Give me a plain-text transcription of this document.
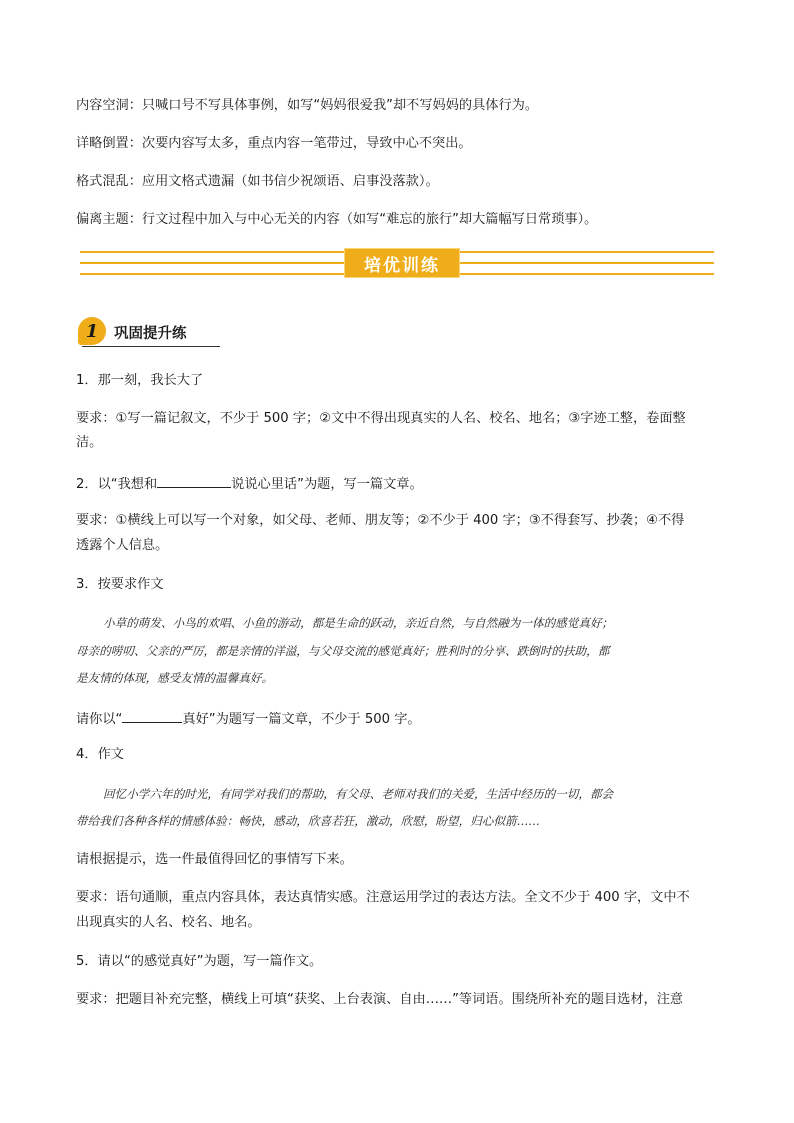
内容空洞：只喊口号不写具体事例，如写“妈妈很爱我”却不写妈妈的具体行为。
详略倒置：次要内容写太多，重点内容一笔带过，导致中心不突出。
格式混乱：应用文格式遗漏（如书信少祝颂语、启事没落款）。
偏离主题：行文过程中加入与中心无关的内容（如写“难忘的旅行”却大篇幅写日常琐事）。
培优训练
1	巩固提升练
1．那一刻，我长大了
要求：①写一篇记叙文，不少于 500 字；②文中不得出现真实的人名、校名、地名；③字迹工整，卷面整
洁。
2．以“我想和	说说心里话”为题，写一篇文章。
要求：①横线上可以写一个对象，如父母、老师、朋友等；②不少于 400 字；③不得套写、抄袭；④不得
透露个人信息。
3．按要求作文
小草的萌发、小鸟的欢唱、小鱼的游动，都是生命的跃动，亲近自然，与自然融为一体的感觉真好；
母亲的唠叨、父亲的严厉，都是亲情的洋溢，与父母交流的感觉真好；胜利时的分享、跌倒时的扶助，都
是友情的体现，感受友情的温馨真好。
请你以“	真好”为题写一篇文章，不少于 500 字。
4．作文
回忆小学六年的时光，有同学对我们的帮助，有父母、老师对我们的关爱，生活中经历的一切，都会
带给我们各种各样的情感体验：畅快，感动，欣喜若狂，激动，欣慰，盼望，归心似箭……
请根据提示，选一件最值得回忆的事情写下来。
要求：语句通顺，重点内容具体，表达真情实感。注意运用学过的表达方法。全文不少于 400 字，文中不
出现真实的人名、校名、地名。
5．请以“的感觉真好”为题，写一篇作文。
要求：把题目补充完整，横线上可填“获奖、上台表演、自由……”等词语。围绕所补充的题目选材，注意
